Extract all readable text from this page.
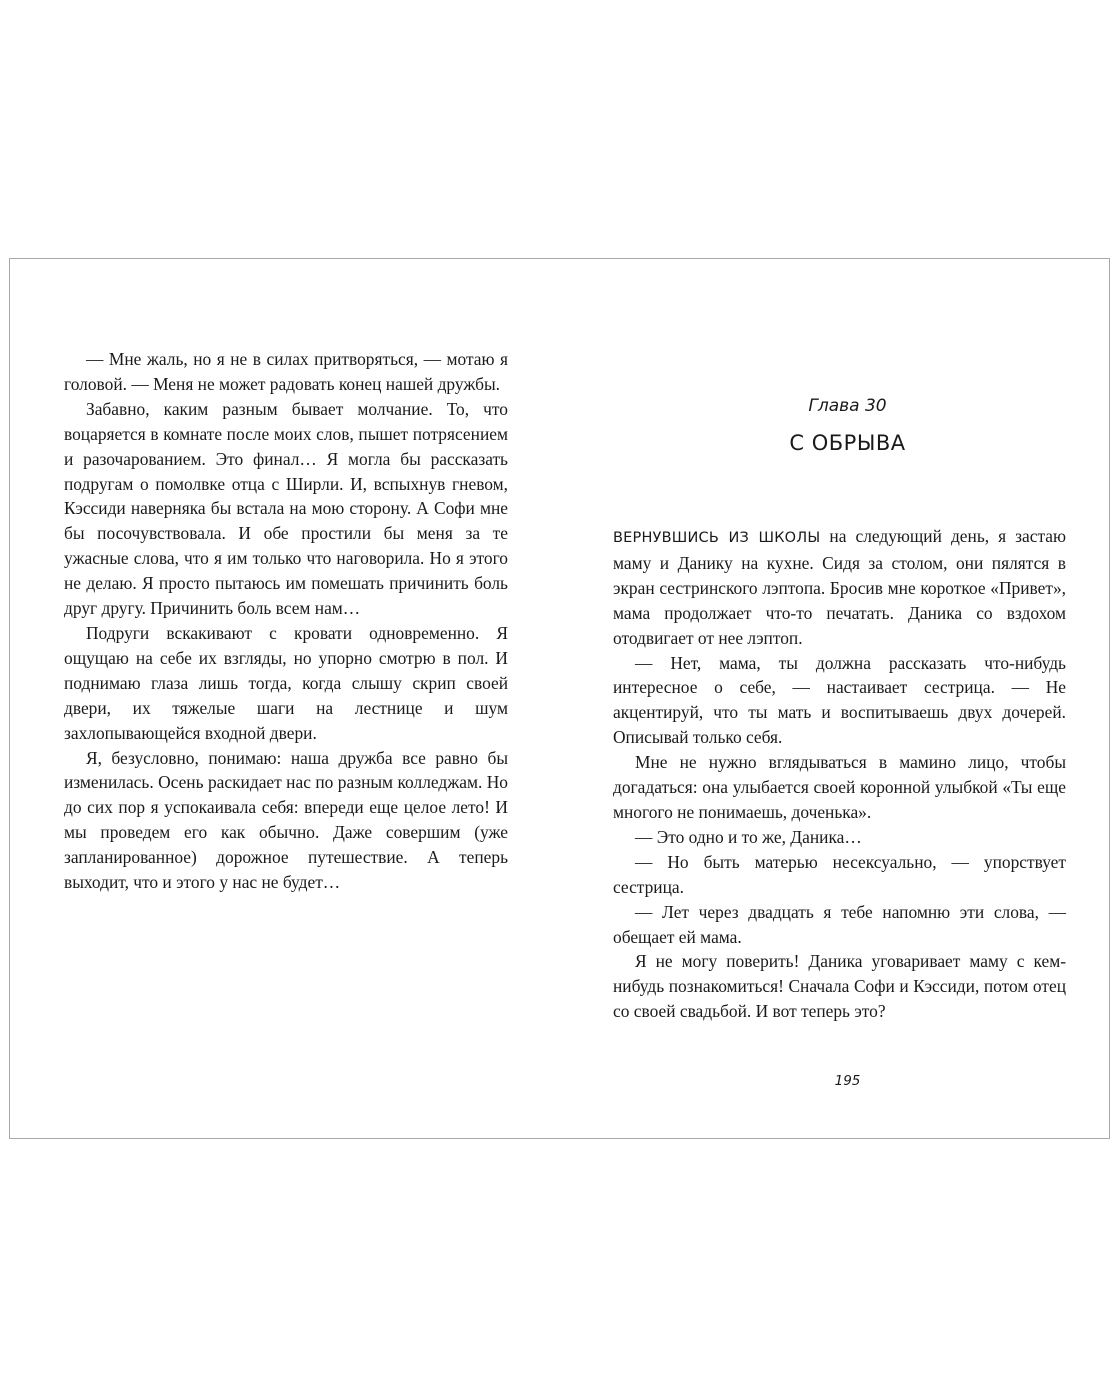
— Мне жаль, но я не в силах притворяться, — мотаю я головой. — Меня не может радовать конец нашей дружбы.

Забавно, каким разным бывает молчание. То, что воцаряется в комнате после моих слов, пышет потрясением и разочарованием. Это финал… Я могла бы рассказать подругам о помолвке отца с Ширли. И, вспыхнув гневом, Кэссиди наверняка бы встала на мою сторону. А Софи мне бы посочувствовала. И обе простили бы меня за те ужасные слова, что я им только что наговорила. Но я этого не делаю. Я просто пытаюсь им помешать причинить боль друг другу. Причинить боль всем нам…

Подруги вскакивают с кровати одновременно. Я ощущаю на себе их взгляды, но упорно смотрю в пол. И поднимаю глаза лишь тогда, когда слышу скрип своей двери, их тяжелые шаги на лестнице и шум захлопывающейся входной двери.

Я, безусловно, понимаю: наша дружба все равно бы изменилась. Осень раскидает нас по разным колледжам. Но до сих пор я успокаивала себя: впереди еще целое лето! И мы проведем его как обычно. Даже совершим (уже запланированное) дорожное путешествие. А теперь выходит, что и этого у нас не будет…

Глава 30
С ОБРЫВА

ВЕРНУВШИСЬ ИЗ ШКОЛЫ на следующий день, я застаю маму и Данику на кухне. Сидя за столом, они пялятся в экран сестринского лэптопа. Бросив мне короткое «Привет», мама продолжает что-то печатать. Даника со вздохом отодвигает от нее лэптоп.

— Нет, мама, ты должна рассказать что-нибудь интересное о себе, — настаивает сестрица. — Не акцентируй, что ты мать и воспитываешь двух дочерей. Описывай только себя.

Мне не нужно вглядываться в мамино лицо, чтобы догадаться: она улыбается своей коронной улыбкой «Ты еще многого не понимаешь, доченька».

— Это одно и то же, Даника…

— Но быть матерью несексуально, — упорствует сестрица.

— Лет через двадцать я тебе напомню эти слова, — обещает ей мама.

Я не могу поверить! Даника уговаривает маму с кем-нибудь познакомиться! Сначала Софи и Кэссиди, потом отец со своей свадьбой. И вот теперь это?

195
